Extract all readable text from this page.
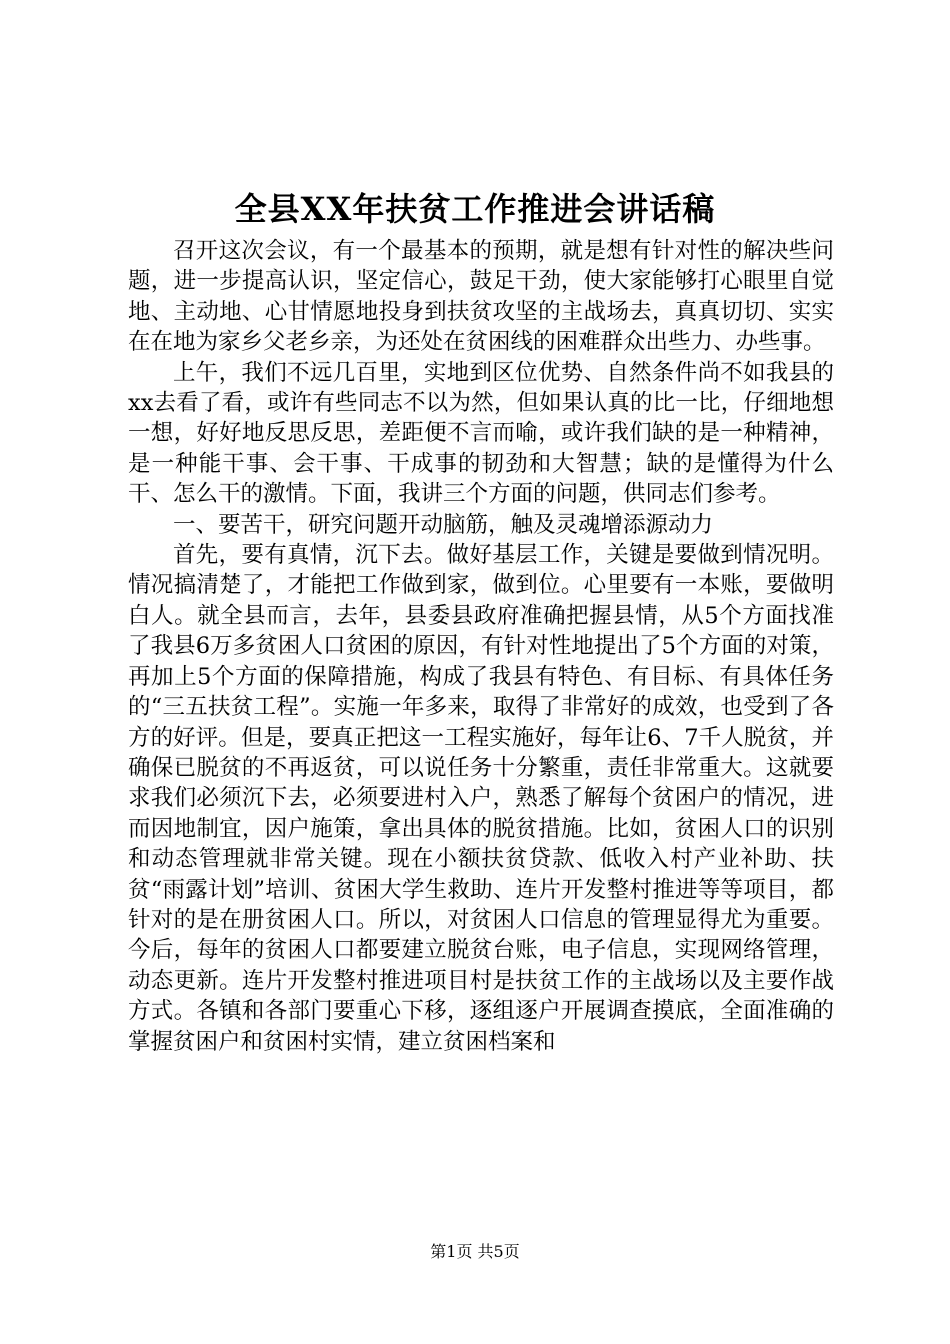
全县XX年扶贫工作推进会讲话稿

召开这次会议，有一个最基本的预期，就是想有针对性的解决些问题，进一步提高认识，坚定信心，鼓足干劲，使大家能够打心眼里自觉地、主动地、心甘情愿地投身到扶贫攻坚的主战场去，真真切切、实实在在地为家乡父老乡亲，为还处在贫困线的困难群众出些力、办些事。

上午，我们不远几百里，实地到区位优势、自然条件尚不如我县的xx去看了看，或许有些同志不以为然，但如果认真的比一比，仔细地想一想，好好地反思反思，差距便不言而喻，或许我们缺的是一种精神，是一种能干事、会干事、干成事的韧劲和大智慧；缺的是懂得为什么干、怎么干的激情。下面，我讲三个方面的问题，供同志们参考。

一、要苦干，研究问题开动脑筋，触及灵魂增添源动力

首先，要有真情，沉下去。做好基层工作，关键是要做到情况明。情况搞清楚了，才能把工作做到家，做到位。心里要有一本账，要做明白人。就全县而言，去年，县委县政府准确把握县情，从5个方面找准了我县6万多贫困人口贫困的原因，有针对性地提出了5个方面的对策，再加上5个方面的保障措施，构成了我县有特色、有目标、有具体任务的“三五扶贫工程”。实施一年多来，取得了非常好的成效，也受到了各方的好评。但是，要真正把这一工程实施好，每年让6、7千人脱贫，并确保已脱贫的不再返贫，可以说任务十分繁重，责任非常重大。这就要求我们必须沉下去，必须要进村入户，熟悉了解每个贫困户的情况，进而因地制宜，因户施策，拿出具体的脱贫措施。比如，贫困人口的识别和动态管理就非常关键。现在小额扶贫贷款、低收入村产业补助、扶贫“雨露计划”培训、贫困大学生救助、连片开发整村推进等等项目，都针对的是在册贫困人口。所以，对贫困人口信息的管理显得尤为重要。今后，每年的贫困人口都要建立脱贫台账，电子信息，实现网络管理，动态更新。连片开发整村推进项目村是扶贫工作的主战场以及主要作战方式。各镇和各部门要重心下移，逐组逐户开展调查摸底，全面准确的掌握贫困户和贫困村实情，建立贫困档案和

第1页 共5页
